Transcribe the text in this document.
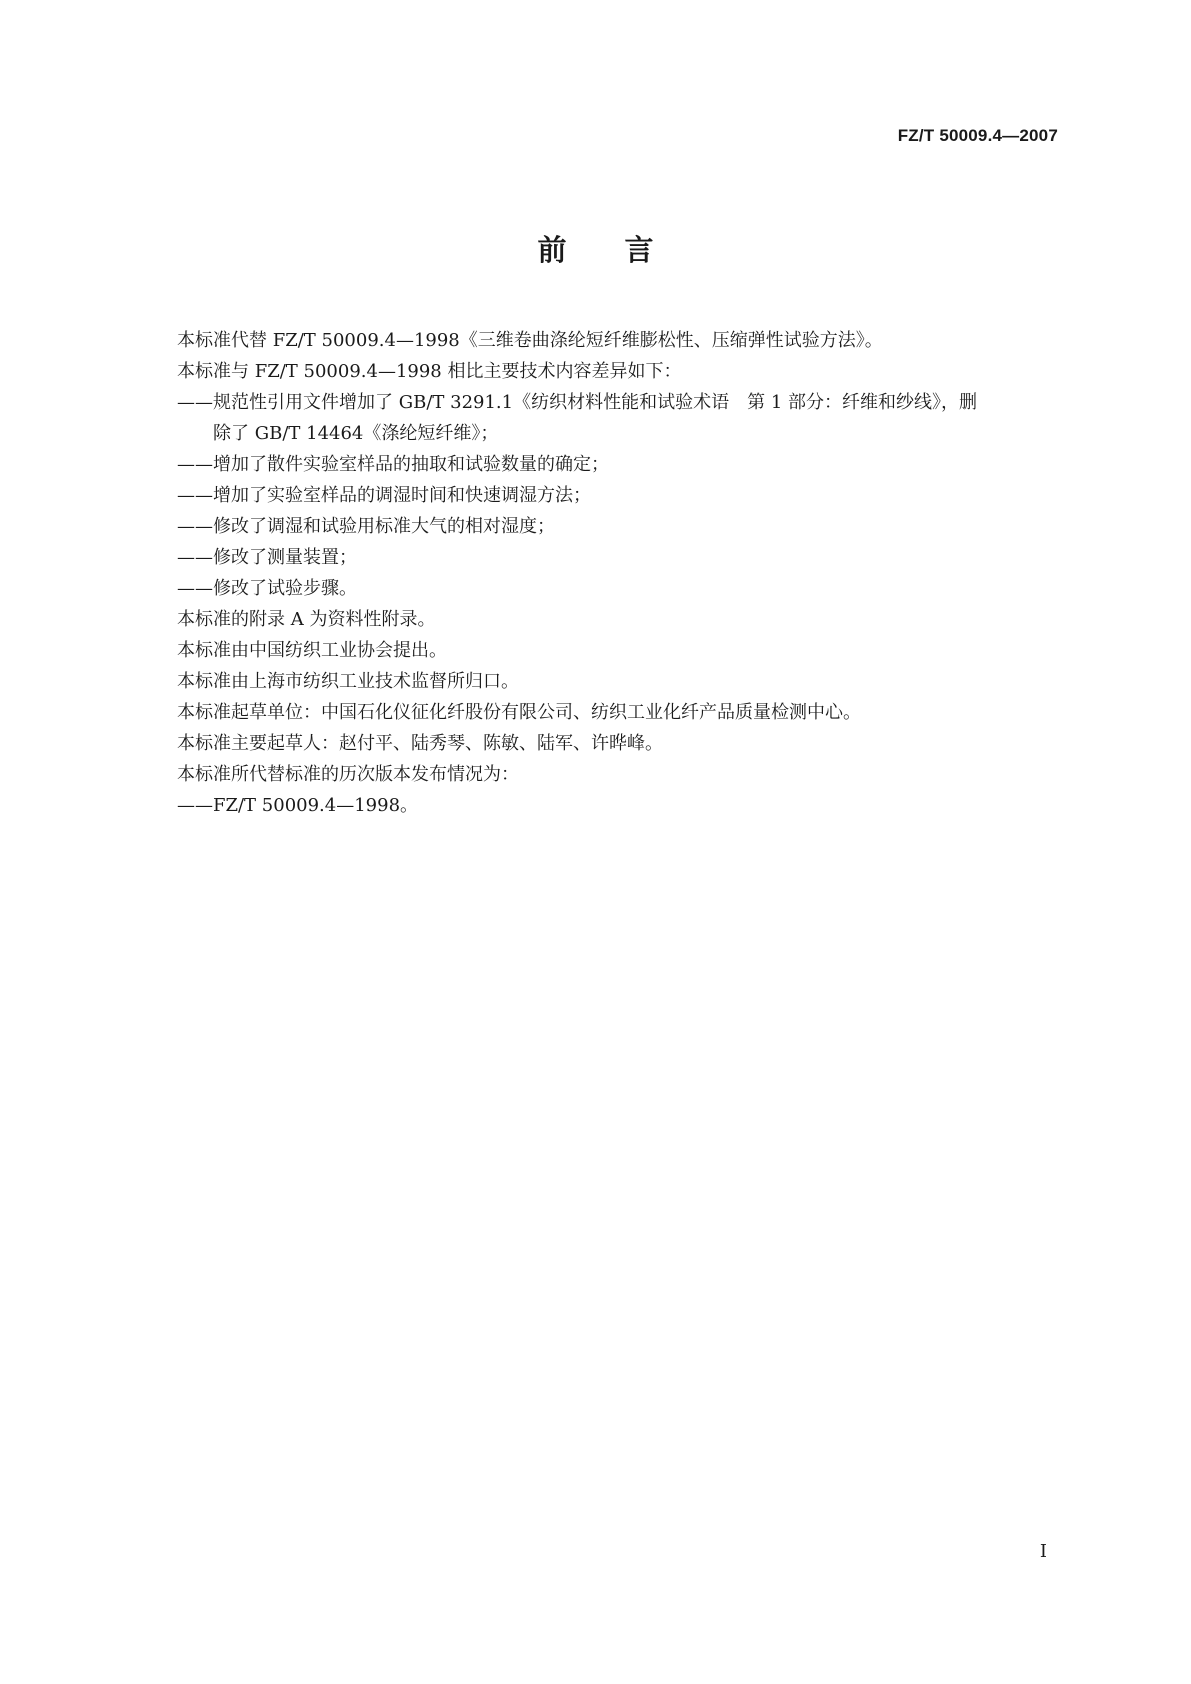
FZ/T 50009.4—2007
前言
本标准代替 FZ/T 50009.4—1998《三维卷曲涤纶短纤维膨松性、压缩弹性试验方法》。
本标准与 FZ/T 50009.4—1998 相比主要技术内容差异如下：
——规范性引用文件增加了 GB/T 3291.1《纺织材料性能和试验术语　第 1 部分：纤维和纱线》，删
除了 GB/T 14464《涤纶短纤维》；
——增加了散件实验室样品的抽取和试验数量的确定；
——增加了实验室样品的调湿时间和快速调湿方法；
——修改了调湿和试验用标准大气的相对湿度；
——修改了测量装置；
——修改了试验步骤。
本标准的附录 A 为资料性附录。
本标准由中国纺织工业协会提出。
本标准由上海市纺织工业技术监督所归口。
本标准起草单位：中国石化仪征化纤股份有限公司、纺织工业化纤产品质量检测中心。
本标准主要起草人：赵付平、陆秀琴、陈敏、陆军、许晔峰。
本标准所代替标准的历次版本发布情况为：
——FZ/T 50009.4—1998。
I
